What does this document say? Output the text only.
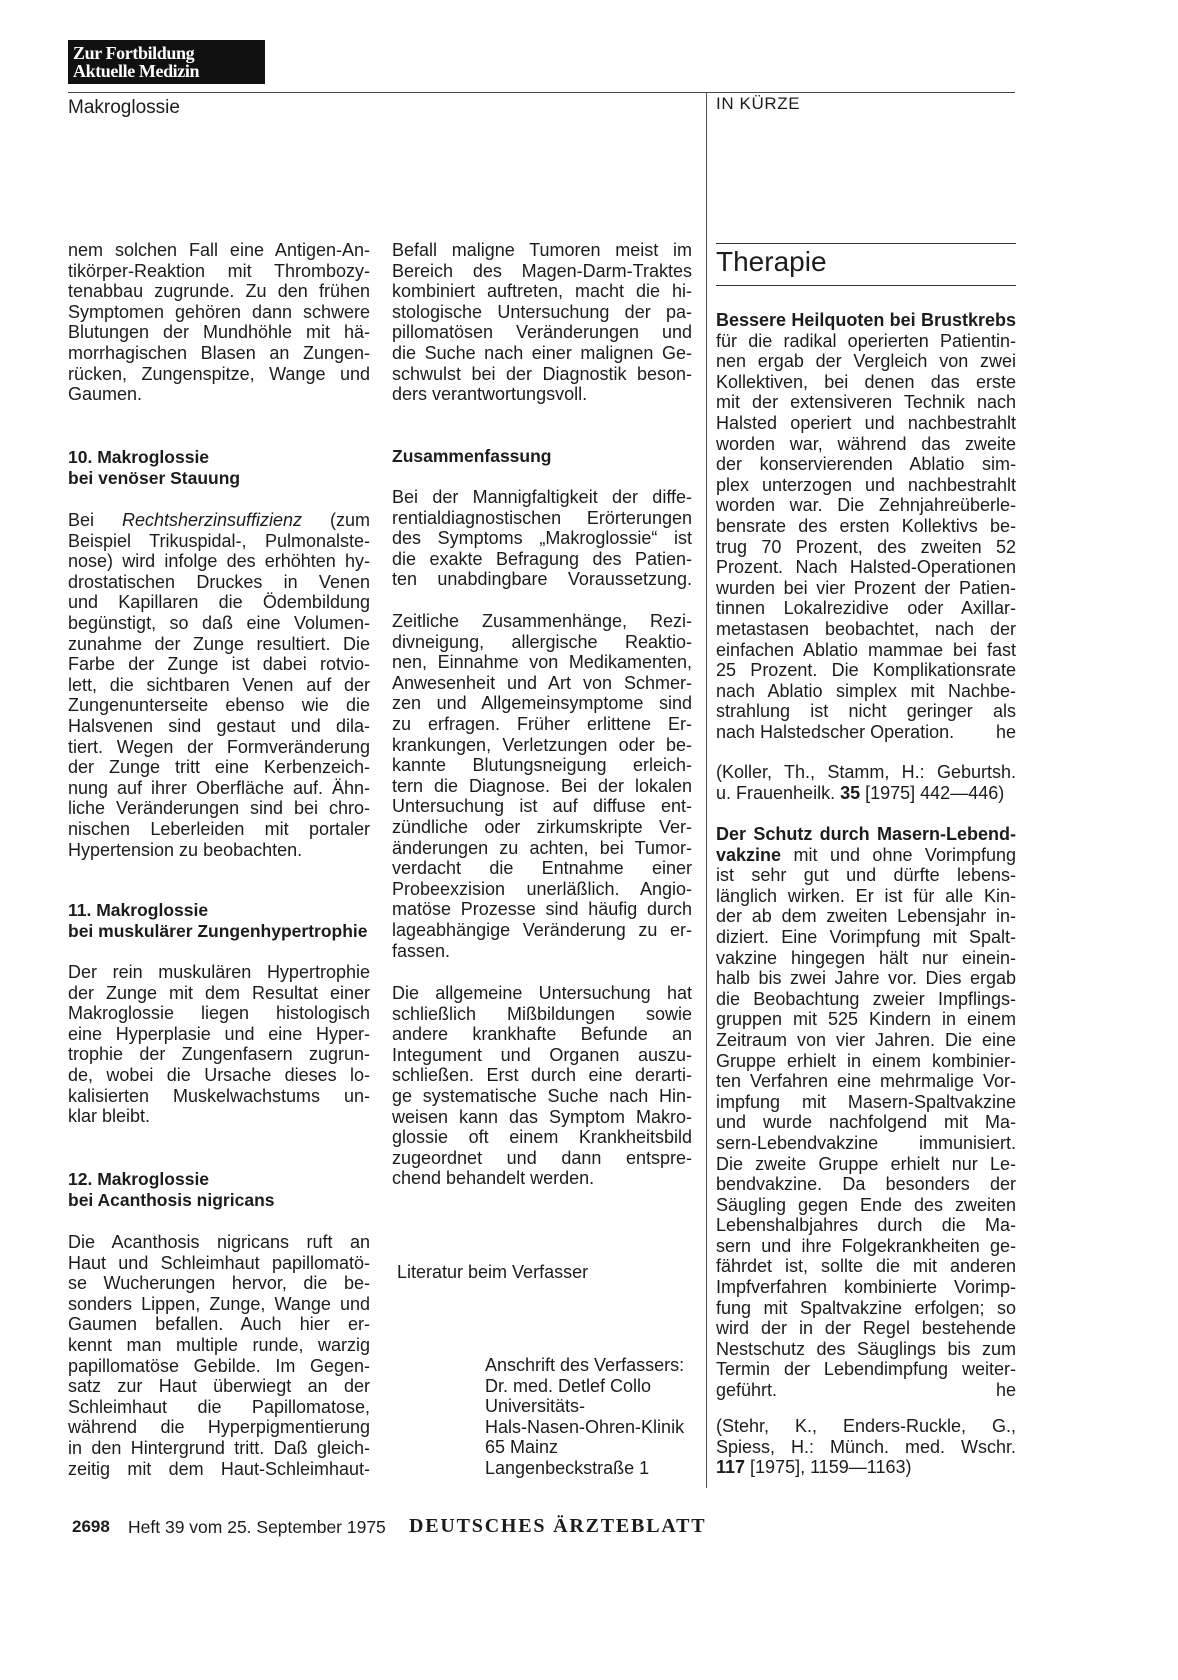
Zur Fortbildung
Aktuelle Medizin
Makroglossie	IN KÜRZE
nem solchen Fall eine Antigen-An-
tikörper-Reaktion mit Thrombozy-
tenabbau zugrunde. Zu den frühen
Symptomen gehören dann schwere
Blutungen der Mundhöhle mit hä-
morrhagischen Blasen an Zungen-
rücken, Zungenspitze, Wange und
Gaumen.
10. Makroglossie
bei venöser Stauung
Bei Rechtsherzinsuffizienz (zum
Beispiel Trikuspidal-, Pulmonalste-
nose) wird infolge des erhöhten hy-
drostatischen Druckes in Venen
und Kapillaren die Ödembildung
begünstigt, so daß eine Volumen-
zunahme der Zunge resultiert. Die
Farbe der Zunge ist dabei rotvio-
lett, die sichtbaren Venen auf der
Zungenunterseite ebenso wie die
Halsvenen sind gestaut und dila-
tiert. Wegen der Formveränderung
der Zunge tritt eine Kerbenzeich-
nung auf ihrer Oberfläche auf. Ähn-
liche Veränderungen sind bei chro-
nischen Leberleiden mit portaler
Hypertension zu beobachten.
11. Makroglossie
bei muskulärer Zungenhypertrophie
Der rein muskulären Hypertrophie
der Zunge mit dem Resultat einer
Makroglossie liegen histologisch
eine Hyperplasie und eine Hyper-
trophie der Zungenfasern zugrun-
de, wobei die Ursache dieses lo-
kalisierten Muskelwachstums un-
klar bleibt.
12. Makroglossie
bei Acanthosis nigricans
Die Acanthosis nigricans ruft an
Haut und Schleimhaut papillomatö-
se Wucherungen hervor, die be-
sonders Lippen, Zunge, Wange und
Gaumen befallen. Auch hier er-
kennt man multiple runde, warzig
papillomatöse Gebilde. Im Gegen-
satz zur Haut überwiegt an der
Schleimhaut die Papillomatose,
während die Hyperpigmentierung
in den Hintergrund tritt. Daß gleich-
zeitig mit dem Haut-Schleimhaut-
Befall maligne Tumoren meist im
Bereich des Magen-Darm-Traktes
kombiniert auftreten, macht die hi-
stologische Untersuchung der pa-
pillomatösen Veränderungen und
die Suche nach einer malignen Ge-
schwulst bei der Diagnostik beson-
ders verantwortungsvoll.
Zusammenfassung
Bei der Mannigfaltigkeit der diffe-
rentialdiagnostischen Erörterungen
des Symptoms „Makroglossie“ ist
die exakte Befragung des Patien-
ten unabdingbare Voraussetzung.
Zeitliche Zusammenhänge, Rezi-
divneigung, allergische Reaktio-
nen, Einnahme von Medikamenten,
Anwesenheit und Art von Schmer-
zen und Allgemeinsymptome sind
zu erfragen. Früher erlittene Er-
krankungen, Verletzungen oder be-
kannte Blutungsneigung erleich-
tern die Diagnose. Bei der lokalen
Untersuchung ist auf diffuse ent-
zündliche oder zirkumskripte Ver-
änderungen zu achten, bei Tumor-
verdacht die Entnahme einer
Probeexzision unerläßlich. Angio-
matöse Prozesse sind häufig durch
lageabhängige Veränderung zu er-
fassen.
Die allgemeine Untersuchung hat
schließlich Mißbildungen sowie
andere krankhafte Befunde an
Integument und Organen auszu-
schließen. Erst durch eine derarti-
ge systematische Suche nach Hin-
weisen kann das Symptom Makro-
glossie oft einem Krankheitsbild
zugeordnet und dann entspre-
chend behandelt werden.
Literatur beim Verfasser
Anschrift des Verfassers:
Dr. med. Detlef Collo
Universitäts-
Hals-Nasen-Ohren-Klinik
65 Mainz
Langenbeckstraße 1
Therapie
he
Bessere Heilquoten bei Brustkrebs
für die radikal operierten Patientin-
nen ergab der Vergleich von zwei
Kollektiven, bei denen das erste
mit der extensiveren Technik nach
Halsted operiert und nachbestrahlt
worden war, während das zweite
der konservierenden Ablatio sim-
plex unterzogen und nachbestrahlt
worden war. Die Zehnjahreüberle-
bensrate des ersten Kollektivs be-
trug 70 Prozent, des zweiten 52
Prozent. Nach Halsted-Operationen
wurden bei vier Prozent der Patien-
tinnen Lokalrezidive oder Axillar-
metastasen beobachtet, nach der
einfachen Ablatio mammae bei fast
25 Prozent. Die Komplikationsrate
nach Ablatio simplex mit Nachbe-
strahlung ist nicht geringer als
nach Halstedscher Operation.
(Koller, Th., Stamm, H.: Geburtsh.
u. Frauenheilk. 35 [1975] 442—446)
he
Der Schutz durch Masern-Lebend-
vakzine mit und ohne Vorimpfung
ist sehr gut und dürfte lebens-
länglich wirken. Er ist für alle Kin-
der ab dem zweiten Lebensjahr in-
diziert. Eine Vorimpfung mit Spalt-
vakzine hingegen hält nur einein-
halb bis zwei Jahre vor. Dies ergab
die Beobachtung zweier Impflings-
gruppen mit 525 Kindern in einem
Zeitraum von vier Jahren. Die eine
Gruppe erhielt in einem kombinier-
ten Verfahren eine mehrmalige Vor-
impfung mit Masern-Spaltvakzine
und wurde nachfolgend mit Ma-
sern-Lebendvakzine immunisiert.
Die zweite Gruppe erhielt nur Le-
bendvakzine. Da besonders der
Säugling gegen Ende des zweiten
Lebenshalbjahres durch die Ma-
sern und ihre Folgekrankheiten ge-
fährdet ist, sollte die mit anderen
Impfverfahren kombinierte Vorimp-
fung mit Spaltvakzine erfolgen; so
wird der in der Regel bestehende
Nestschutz des Säuglings bis zum
Termin der Lebendimpfung weiter-
geführt.
(Stehr, K., Enders-Ruckle, G.,
Spiess, H.: Münch. med. Wschr.
117 [1975], 1159—1163)
2698 Heft 39 vom 25. September 1975 DEUTSCHES ÄRZTEBLATT
